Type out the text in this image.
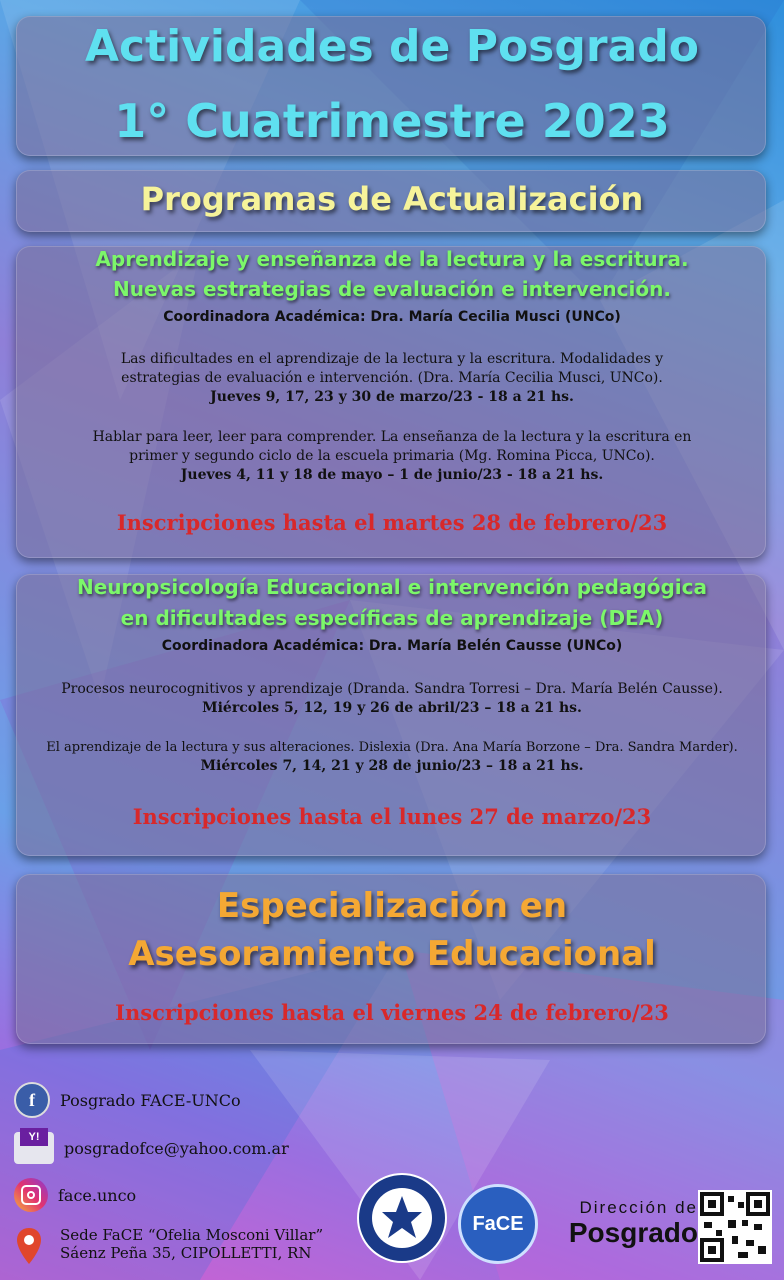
Actividades de Posgrado
1° Cuatrimestre 2023
Programas de Actualización
Aprendizaje y enseñanza de la lectura y la escritura.
Nuevas estrategias de evaluación e intervención.
Coordinadora Académica: Dra. María Cecilia Musci (UNCo)
Las dificultades en el aprendizaje de la lectura y la escritura. Modalidades y
estrategias de evaluación e intervención. (Dra. María Cecilia Musci, UNCo).
Jueves 9, 17, 23 y 30 de marzo/23 - 18 a 21 hs.
Hablar para leer, leer para comprender. La enseñanza de la lectura y la escritura en
primer y segundo ciclo de la escuela primaria (Mg. Romina Picca, UNCo).
Jueves 4, 11 y 18 de mayo – 1 de junio/23 - 18 a 21 hs.
Inscripciones hasta el martes 28 de febrero/23
Neuropsicología Educacional e intervención pedagógica
en dificultades específicas de aprendizaje (DEA)
Coordinadora Académica: Dra. María Belén Causse (UNCo)
Procesos neurocognitivos y aprendizaje (Dranda. Sandra Torresi – Dra. María Belén Causse).
Miércoles 5, 12, 19 y 26 de abril/23 – 18 a 21 hs.
El aprendizaje de la lectura y sus alteraciones. Dislexia (Dra. Ana María Borzone – Dra. Sandra Marder).
Miércoles 7, 14, 21 y 28 de junio/23 – 18 a 21 hs.
Inscripciones hasta el lunes 27 de marzo/23
Especialización en
Asesoramiento Educacional
Inscripciones hasta el viernes 24 de febrero/23
f Posgrado FACE-UNCo
Y!
posgradofce@yahoo.com.ar
face.unco
Sede FaCE “Ofelia Mosconi Villar”
Sáenz Peña 35, CIPOLLETTI, RN
FaCE
Dirección de
Posgrado
